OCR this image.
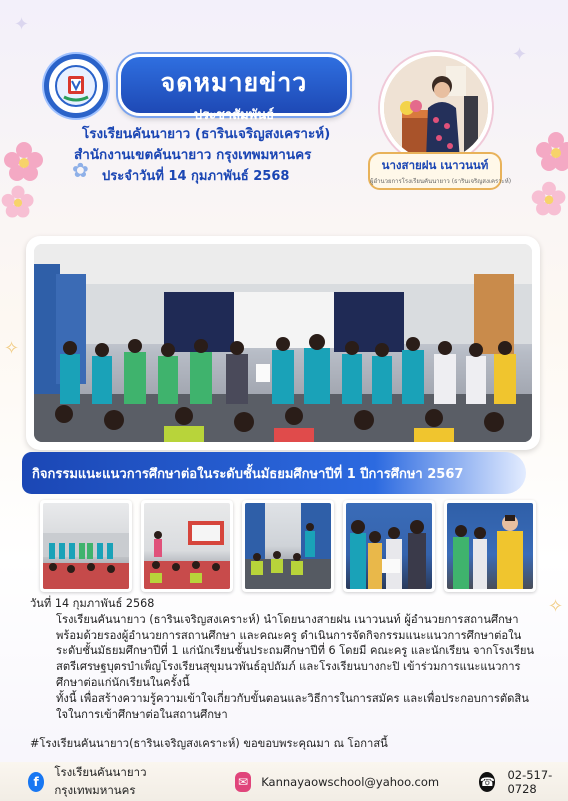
✦
✦
✧
✧
จดหมายข่าว
ประชาสัมพันธ์
โรงเรียนคันนายาว (ธารินเจริญสงเคราะห์)
สำนักงานเขตคันนายาว กรุงเทพมหานคร
ประจำวันที่ 14 กุมภาพันธ์ 2568
✿	นางสายฝน เนาวนนท์
ผู้อำนวยการโรงเรียนคันนายาว (ธารินเจริญสงเคราะห์)
กิจกรรมแนะแนวการศึกษาต่อในระดับชั้นมัธยมศึกษาปีที่ 1 ปีการศึกษา 2567

วันที่ 14 กุมภาพันธ์ 2568

โรงเรียนคันนายาว (ธารินเจริญสงเคราะห์) นำโดยนางสายฝน เนาวนนท์ ผู้อำนวยการสถานศึกษา พร้อมด้วยรองผู้อำนวยการสถานศึกษา และคณะครู ดำเนินการจัดกิจกรรมแนะแนวการศึกษาต่อในระดับชั้นมัธยมศึกษาปีที่ 1 แก่นักเรียนชั้นประถมศึกษาปีที่ 6 โดยมี คณะครู และนักเรียน จากโรงเรียนสตรีเศรษฐบุตรบำเพ็ญโรงเรียนสุขุมนวพันธ์อุปถัมภ์ และโรงเรียนบางกะปิ เข้าร่วมการแนะแนวการศึกษาต่อแก่นักเรียนในครั้งนี้

ทั้งนี้ เพื่อสร้างความรู้ความเข้าใจเกี่ยวกับขั้นตอนและวิธีการในการสมัคร และเพื่อประกอบการตัดสินใจในการเข้าศึกษาต่อในสถานศึกษา

#โรงเรียนคันนายาว(ธารินเจริญสงเคราะห์) ขอขอบพระคุณมา ณ โอกาสนี้

f
โรงเรียนคันนายาว กรุงเทพมหานคร
✉ Kannayaowschool@yahoo.com	☎ 02-517-0728
